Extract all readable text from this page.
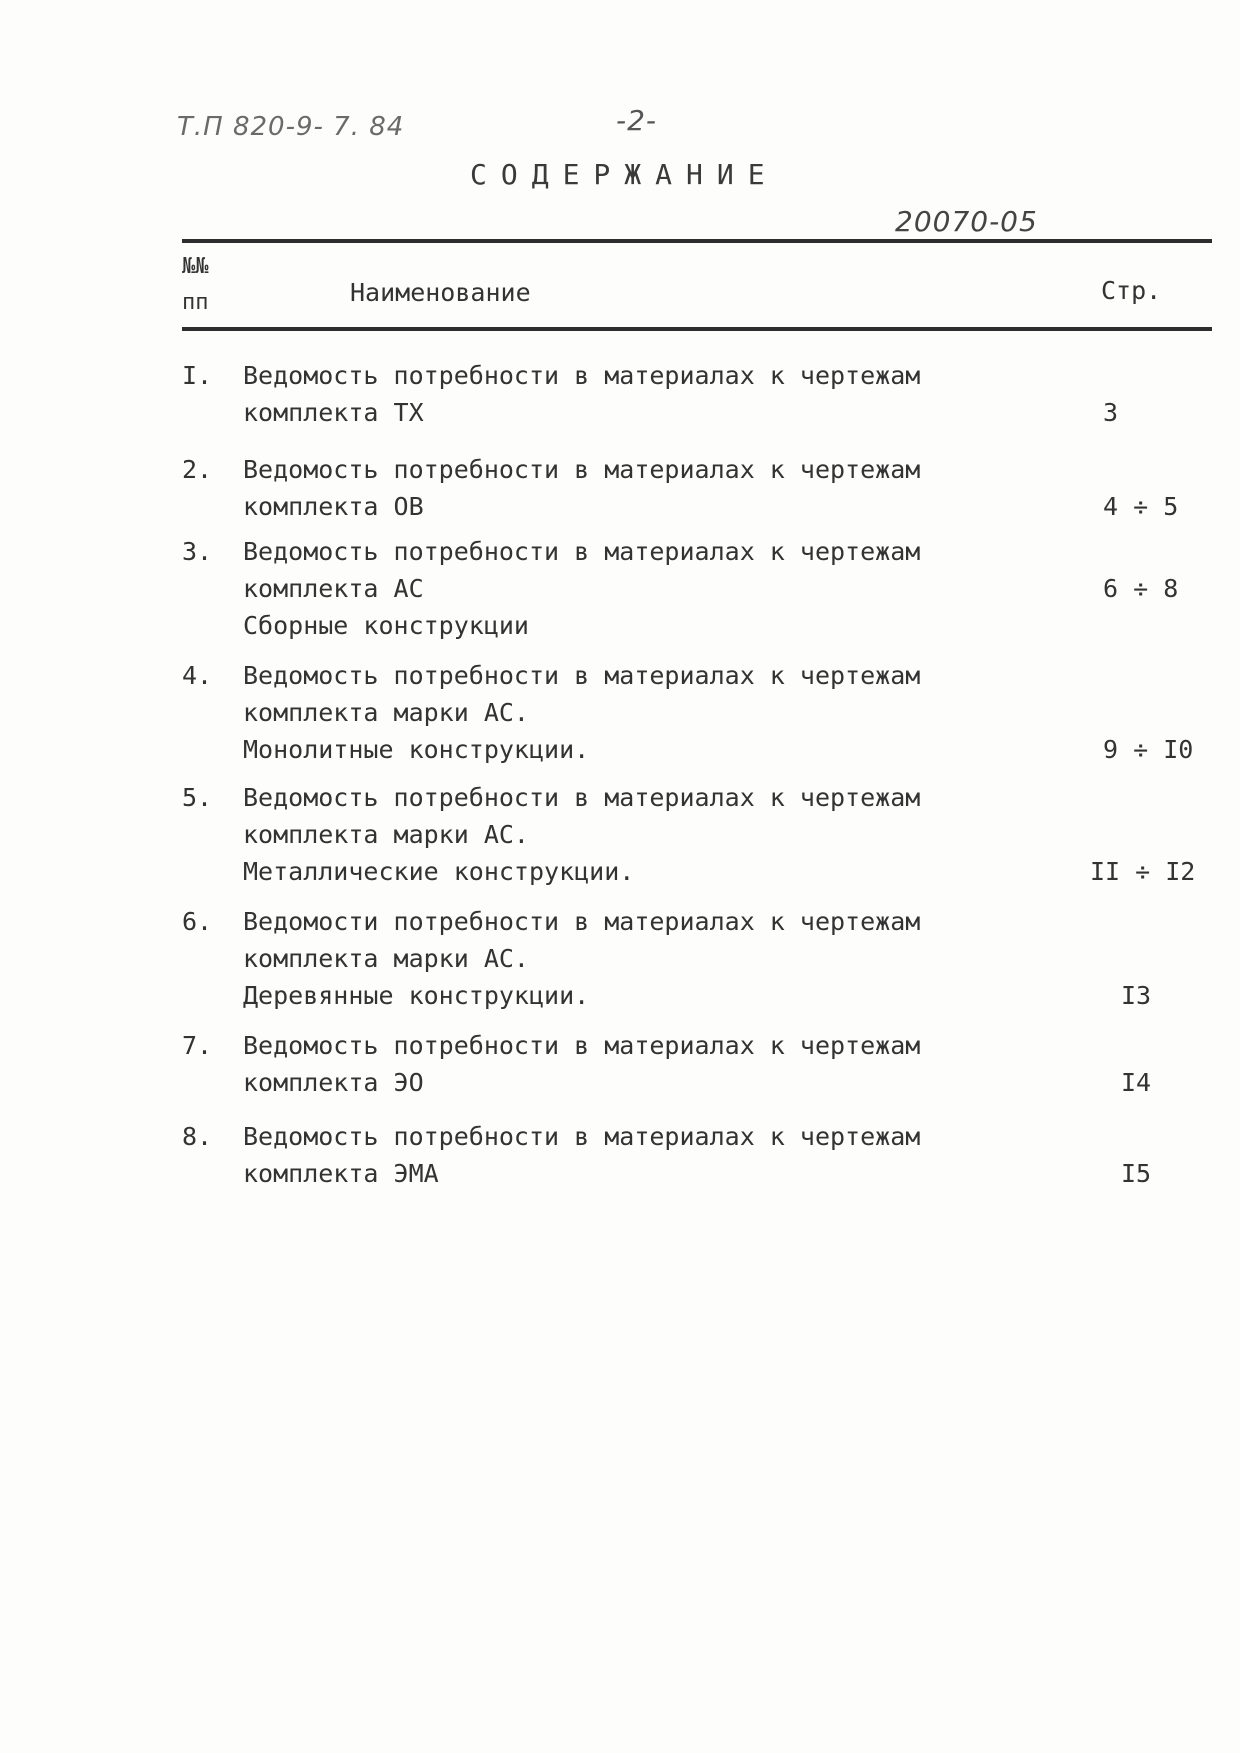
Т.П 820-9- 7. 84	-2-
СОДЕРЖАНИЕ
20070-05
№№
пп	Наименование	Стр.
I. Ведомость потребности в материалах к чертежам
комплекта ТХ	3
2. Ведомость потребности в материалах к чертежам
комплекта ОВ	4 ÷ 5
3. Ведомость потребности в материалах к чертежам
комплекта АС
Сборные конструкции
6 ÷ 8
4. Ведомость потребности в материалах к чертежам
комплекта марки АС.
Монолитные конструкции.	9 ÷ I0
5. Ведомость потребности в материалах к чертежам
комплекта марки АС.
Металлические конструкции.	II ÷ I2
6. Ведомости потребности в материалах к чертежам
комплекта марки АС.
Деревянные конструкции.	I3
7. Ведомость потребности в материалах к чертежам
комплекта ЭО	I4
8. Ведомость потребности в материалах к чертежам
комплекта ЭМА	I5
